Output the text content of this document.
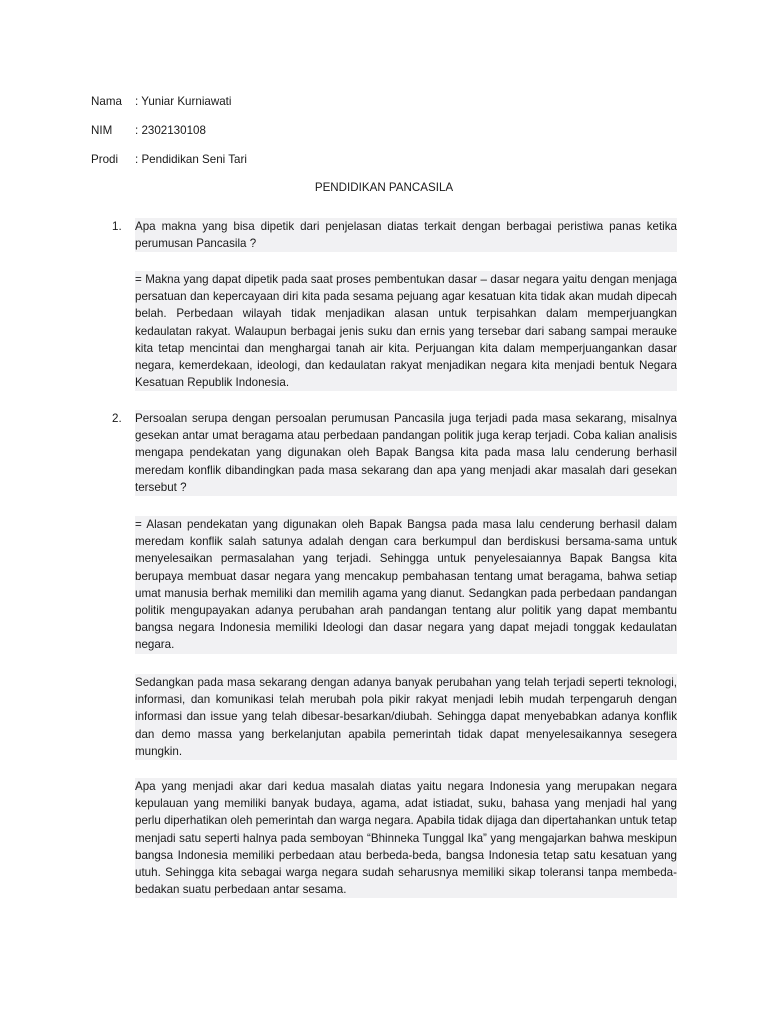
Nama : Yuniar Kurniawati
NIM : 2302130108
Prodi : Pendidikan Seni Tari
PENDIDIKAN PANCASILA
1. Apa makna yang bisa dipetik dari penjelasan diatas terkait dengan berbagai peristiwa panas ketika perumusan Pancasila ?

= Makna yang dapat dipetik pada saat proses pembentukan dasar – dasar negara yaitu dengan menjaga persatuan dan kepercayaan diri kita pada sesama pejuang agar kesatuan kita tidak akan mudah dipecah belah. Perbedaan wilayah tidak menjadikan alasan untuk terpisahkan dalam memperjuangkan kedaulatan rakyat. Walaupun berbagai jenis suku dan ernis yang tersebar dari sabang sampai merauke kita tetap mencintai dan menghargai tanah air kita. Perjuangan kita dalam memperjuangankan dasar negara, kemerdekaan, ideologi, dan kedaulatan rakyat menjadikan negara kita menjadi bentuk Negara Kesatuan Republik Indonesia.

2. Persoalan serupa dengan persoalan perumusan Pancasila juga terjadi pada masa sekarang, misalnya gesekan antar umat beragama atau perbedaan pandangan politik juga kerap terjadi. Coba kalian analisis mengapa pendekatan yang digunakan oleh Bapak Bangsa kita pada masa lalu cenderung berhasil meredam konflik dibandingkan pada masa sekarang dan apa yang menjadi akar masalah dari gesekan tersebut ?

= Alasan pendekatan yang digunakan oleh Bapak Bangsa pada masa lalu cenderung berhasil dalam meredam konflik salah satunya adalah dengan cara berkumpul dan berdiskusi bersama-sama untuk menyelesaikan permasalahan yang terjadi. Sehingga untuk penyelesaiannya Bapak Bangsa kita berupaya membuat dasar negara yang mencakup pembahasan tentang umat beragama, bahwa setiap umat manusia berhak memiliki dan memilih agama yang dianut. Sedangkan pada perbedaan pandangan politik mengupayakan adanya perubahan arah pandangan tentang alur politik yang dapat membantu bangsa negara Indonesia memiliki Ideologi dan dasar negara yang dapat mejadi tonggak kedaulatan negara.

Sedangkan pada masa sekarang dengan adanya banyak perubahan yang telah terjadi seperti teknologi, informasi, dan komunikasi telah merubah pola pikir rakyat menjadi lebih mudah terpengaruh dengan informasi dan issue yang telah dibesar-besarkan/diubah. Sehingga dapat menyebabkan adanya konflik dan demo massa yang berkelanjutan apabila pemerintah tidak dapat menyelesaikannya sesegera mungkin.

Apa yang menjadi akar dari kedua masalah diatas yaitu negara Indonesia yang merupakan negara kepulauan yang memiliki banyak budaya, agama, adat istiadat, suku, bahasa yang menjadi hal yang perlu diperhatikan oleh pemerintah dan warga negara. Apabila tidak dijaga dan dipertahankan untuk tetap menjadi satu seperti halnya pada semboyan “Bhinneka Tunggal Ika” yang mengajarkan bahwa meskipun bangsa Indonesia memiliki perbedaan atau berbeda-beda, bangsa Indonesia tetap satu kesatuan yang utuh. Sehingga kita sebagai warga negara sudah seharusnya memiliki sikap toleransi tanpa membeda-bedakan suatu perbedaan antar sesama.
